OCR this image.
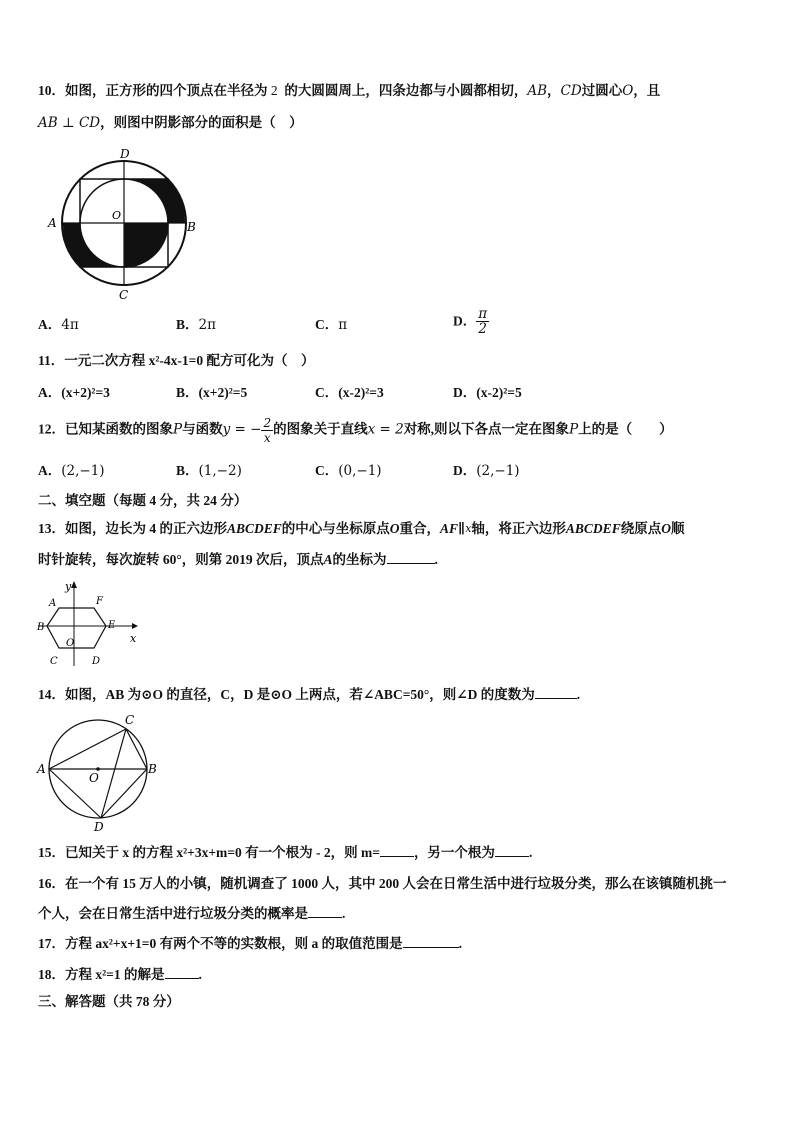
10．如图，正方形的四个顶点在半径为 2 的大圆圆周上，四条边都与小圆都相切，AB，CD过圆心O，且
AB ⊥ CD，则图中阴影部分的面积是（　）
D
A	B
C
O
A．4π	B．2π	C．π	D． $\frac{\pi}{2}$
11．一元二次方程 x²-4x-1=0 配方可化为（　）
A．(x+2)²=3	B．(x+2)²=5	C．(x-2)²=3	D．(x-2)²=5
12．已知某函数的图象P与函数y = − $\frac{2}{x}$ 的图象关于直线x = 2对称,则以下各点一定在图象P上的是（　　）
A．(2,−1)	B．(1,−2)	C．(0,−1)	D．(2,−1)
二、填空题（每题 4 分，共 24 分）
13．如图，边长为 4 的正六边形ABCDEF的中心与坐标原点O重合，AF∥$^x$轴，将正六边形ABCDEF绕原点O顺
时针旋转，每次旋转 60°，则第 2019 次后，顶点A的坐标为	.
y
A	F
B	E
x
O
C	D
14．如图，AB 为⊙O 的直径，C，D 是⊙O 上两点，若∠ABC=50°，则∠D 的度数为	.
C
A	B
O
D
15．已知关于 x 的方程 x²+3x+m=0 有一个根为 - 2，则 m=	，另一个根为	.
16．在一个有 15 万人的小镇，随机调查了 1000 人，其中 200 人会在日常生活中进行垃圾分类，那么在该镇随机挑一
个人，会在日常生活中进行垃圾分类的概率是	.
17．方程 ax²+x+1=0 有两个不等的实数根，则 a 的取值范围是	.
18．方程 x²=1 的解是	.
三、解答题（共 78 分）
